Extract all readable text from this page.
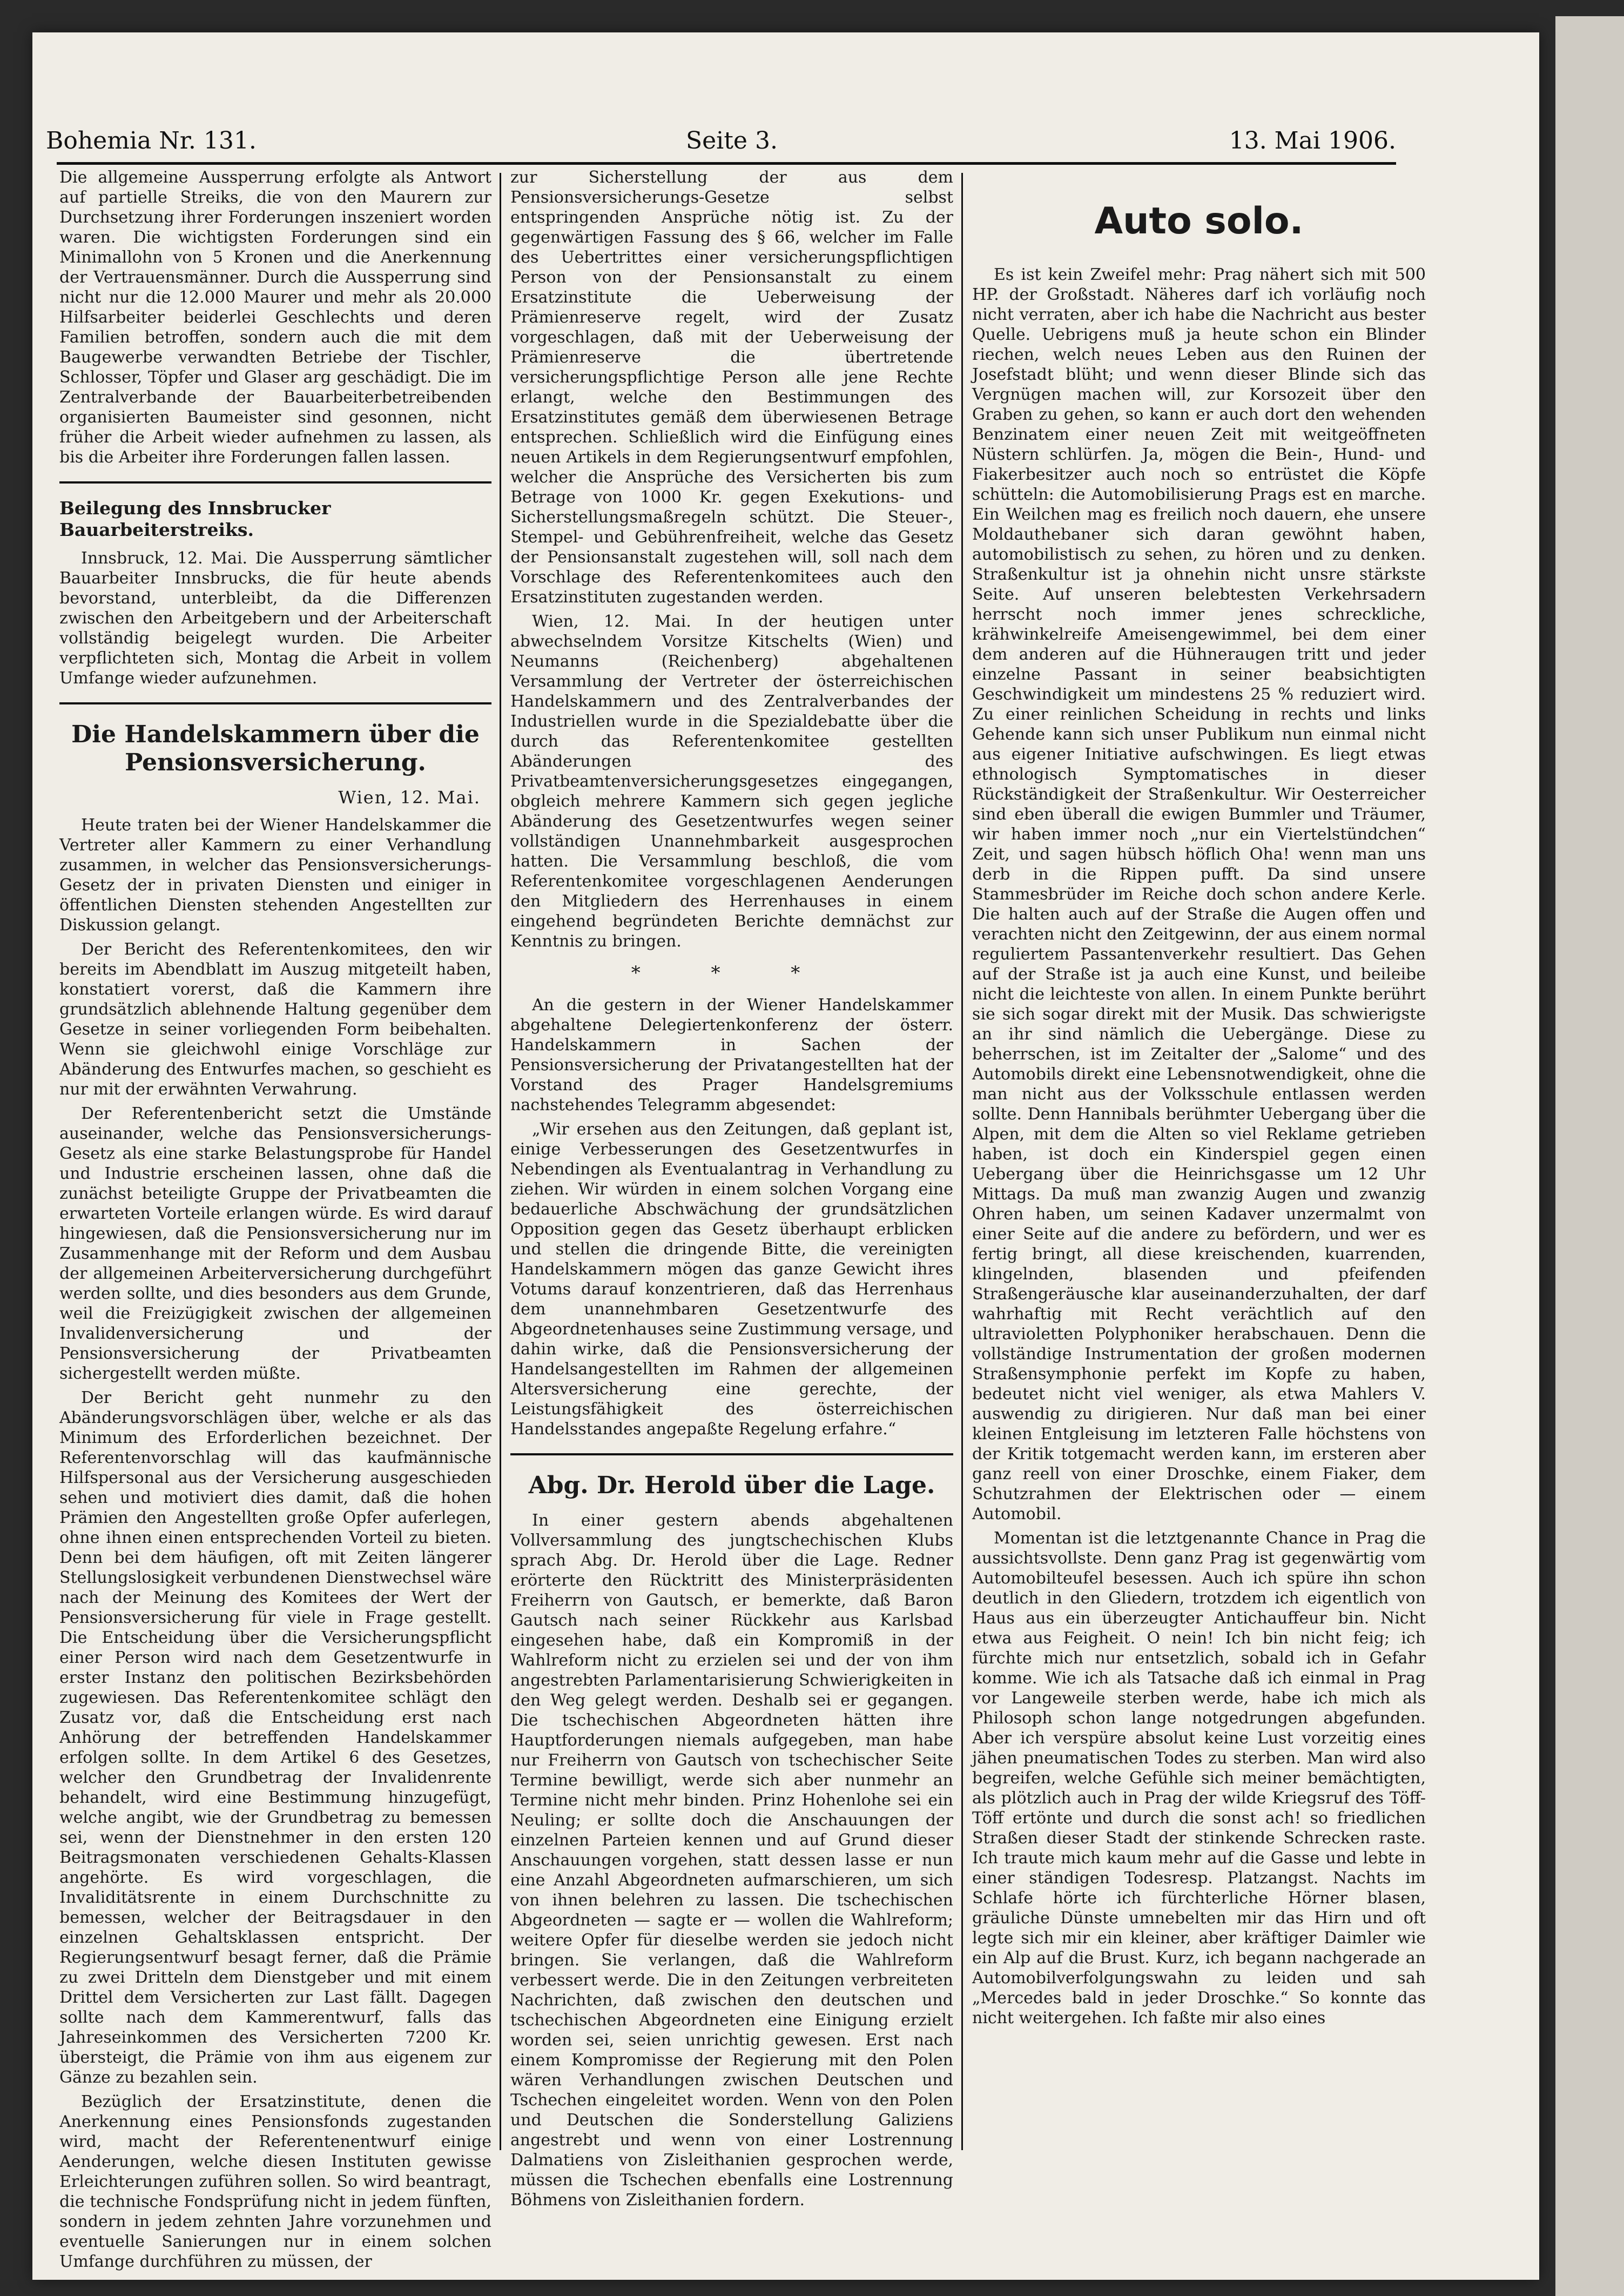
Bohemia Nr. 131.	Seite 3.	13. Mai 1906.

Die allgemeine Aussperrung erfolgte als Antwort auf partielle Streiks, die von den Maurern zur Durchsetzung ihrer Forderungen inszeniert worden waren. Die wichtigsten Forderungen sind ein Minimallohn von 5 Kronen und die Anerkennung der Vertrauensmänner. Durch die Aussperrung sind nicht nur die 12.000 Maurer und mehr als 20.000 Hilfsarbeiter beiderlei Geschlechts und deren Familien betroffen, sondern auch die mit dem Baugewerbe verwandten Betriebe der Tischler, Schlosser, Töpfer und Glaser arg geschädigt. Die im Zentralverbande der Bauarbeiterbetreibenden organisierten Baumeister sind gesonnen, nicht früher die Arbeit wieder aufnehmen zu lassen, als bis die Arbeiter ihre Forderungen fallen lassen.

Beilegung des Innsbrucker Bauarbeiterstreiks.

Innsbruck, 12. Mai. Die Aussperrung sämtlicher Bauarbeiter Innsbrucks, die für heute abends bevorstand, unterbleibt, da die Differenzen zwischen den Arbeitgebern und der Arbeiterschaft vollständig beigelegt wurden. Die Arbeiter verpflichteten sich, Montag die Arbeit in vollem Umfange wieder aufzunehmen.

Die Handelskammern über die Pensionsversicherung.
Wien, 12. Mai.

Heute traten bei der Wiener Handelskammer die Vertreter aller Kammern zu einer Verhandlung zusammen, in welcher das Pensionsversicherungs-Gesetz der in privaten Diensten und einiger in öffentlichen Diensten stehenden Angestellten zur Diskussion gelangt.

Der Bericht des Referentenkomitees, den wir bereits im Abendblatt im Auszug mitgeteilt haben, konstatiert vorerst, daß die Kammern ihre grundsätzlich ablehnende Haltung gegenüber dem Gesetze in seiner vorliegenden Form beibehalten. Wenn sie gleichwohl einige Vorschläge zur Abänderung des Entwurfes machen, so geschieht es nur mit der erwähnten Verwahrung.

Der Referentenbericht setzt die Umstände auseinander, welche das Pensionsversicherungs-Gesetz als eine starke Belastungsprobe für Handel und Industrie erscheinen lassen, ohne daß die zunächst beteiligte Gruppe der Privatbeamten die erwarteten Vorteile erlangen würde. Es wird darauf hingewiesen, daß die Pensionsversicherung nur im Zusammenhange mit der Reform und dem Ausbau der allgemeinen Arbeiterversicherung durchgeführt werden sollte, und dies besonders aus dem Grunde, weil die Freizügigkeit zwischen der allgemeinen Invalidenversicherung und der Pensionsversicherung der Privatbeamten sichergestellt werden müßte.

Der Bericht geht nunmehr zu den Abänderungsvorschlägen über, welche er als das Minimum des Erforderlichen bezeichnet. Der Referentenvorschlag will das kaufmännische Hilfspersonal aus der Versicherung ausgeschieden sehen und motiviert dies damit, daß die hohen Prämien den Angestellten große Opfer auferlegen, ohne ihnen einen entsprechenden Vorteil zu bieten. Denn bei dem häufigen, oft mit Zeiten längerer Stellungslosigkeit verbundenen Dienstwechsel wäre nach der Meinung des Komitees der Wert der Pensionsversicherung für viele in Frage gestellt. Die Entscheidung über die Versicherungspflicht einer Person wird nach dem Gesetzentwurfe in erster Instanz den politischen Bezirksbehörden zugewiesen. Das Referentenkomitee schlägt den Zusatz vor, daß die Entscheidung erst nach Anhörung der betreffenden Handelskammer erfolgen sollte. In dem Artikel 6 des Gesetzes, welcher den Grundbetrag der Invalidenrente behandelt, wird eine Bestimmung hinzugefügt, welche angibt, wie der Grundbetrag zu bemessen sei, wenn der Dienstnehmer in den ersten 120 Beitragsmonaten verschiedenen Gehalts-Klassen angehörte. Es wird vorgeschlagen, die Invaliditätsrente in einem Durchschnitte zu bemessen, welcher der Beitragsdauer in den einzelnen Gehaltsklassen entspricht. Der Regierungsentwurf besagt ferner, daß die Prämie zu zwei Dritteln dem Dienstgeber und mit einem Drittel dem Versicherten zur Last fällt. Dagegen sollte nach dem Kammerentwurf, falls das Jahreseinkommen des Versicherten 7200 Kr. übersteigt, die Prämie von ihm aus eigenem zur Gänze zu bezahlen sein.

Bezüglich der Ersatzinstitute, denen die Anerkennung eines Pensionsfonds zugestanden wird, macht der Referentenentwurf einige Aenderungen, welche diesen Instituten gewisse Erleichterungen zuführen sollen. So wird beantragt, die technische Fondsprüfung nicht in jedem fünften, sondern in jedem zehnten Jahre vorzunehmen und eventuelle Sanierungen nur in einem solchen Umfange durchführen zu müssen, der

zur Sicherstellung der aus dem Pensionsversicherungs-Gesetze selbst entspringenden Ansprüche nötig ist. Zu der gegenwärtigen Fassung des § 66, welcher im Falle des Uebertrittes einer versicherungspflichtigen Person von der Pensionsanstalt zu einem Ersatzinstitute die Ueberweisung der Prämienreserve regelt, wird der Zusatz vorgeschlagen, daß mit der Ueberweisung der Prämienreserve die übertretende versicherungspflichtige Person alle jene Rechte erlangt, welche den Bestimmungen des Ersatzinstitutes gemäß dem überwiesenen Betrage entsprechen. Schließlich wird die Einfügung eines neuen Artikels in dem Regierungsentwurf empfohlen, welcher die Ansprüche des Versicherten bis zum Betrage von 1000 Kr. gegen Exekutions- und Sicherstellungsmaßregeln schützt. Die Steuer-, Stempel- und Gebührenfreiheit, welche das Gesetz der Pensionsanstalt zugestehen will, soll nach dem Vorschlage des Referentenkomitees auch den Ersatzinstituten zugestanden werden.

Wien, 12. Mai. In der heutigen unter abwechselndem Vorsitze Kitschelts (Wien) und Neumanns (Reichenberg) abgehaltenen Versammlung der Vertreter der österreichischen Handelskammern und des Zentralverbandes der Industriellen wurde in die Spezialdebatte über die durch das Referentenkomitee gestellten Abänderungen des Privatbeamtenversicherungsgesetzes eingegangen, obgleich mehrere Kammern sich gegen jegliche Abänderung des Gesetzentwurfes wegen seiner vollständigen Unannehmbarkeit ausgesprochen hatten. Die Versammlung beschloß, die vom Referentenkomitee vorgeschlagenen Aenderungen den Mitgliedern des Herrenhauses in einem eingehend begründeten Berichte demnächst zur Kenntnis zu bringen.

* * *

An die gestern in der Wiener Handelskammer abgehaltene Delegiertenkonferenz der österr. Handelskammern in Sachen der Pensionsversicherung der Privatangestellten hat der Vorstand des Prager Handelsgremiums nachstehendes Telegramm abgesendet:

„Wir ersehen aus den Zeitungen, daß geplant ist, einige Verbesserungen des Gesetzentwurfes in Nebendingen als Eventualantrag in Verhandlung zu ziehen. Wir würden in einem solchen Vorgang eine bedauerliche Abschwächung der grundsätzlichen Opposition gegen das Gesetz überhaupt erblicken und stellen die dringende Bitte, die vereinigten Handelskammern mögen das ganze Gewicht ihres Votums darauf konzentrieren, daß das Herrenhaus dem unannehmbaren Gesetzentwurfe des Abgeordnetenhauses seine Zustimmung versage, und dahin wirke, daß die Pensionsversicherung der Handelsangestellten im Rahmen der allgemeinen Altersversicherung eine gerechte, der Leistungsfähigkeit des österreichischen Handelsstandes angepaßte Regelung erfahre.“

Abg. Dr. Herold über die Lage.

In einer gestern abends abgehaltenen Vollversammlung des jungtschechischen Klubs sprach Abg. Dr. Herold über die Lage. Redner erörterte den Rücktritt des Ministerpräsidenten Freiherrn von Gautsch, er bemerkte, daß Baron Gautsch nach seiner Rückkehr aus Karlsbad eingesehen habe, daß ein Kompromiß in der Wahlreform nicht zu erzielen sei und der von ihm angestrebten Parlamentarisierung Schwierigkeiten in den Weg gelegt werden. Deshalb sei er gegangen. Die tschechischen Abgeordneten hätten ihre Hauptforderungen niemals aufgegeben, man habe nur Freiherrn von Gautsch von tschechischer Seite Termine bewilligt, werde sich aber nunmehr an Termine nicht mehr binden. Prinz Hohenlohe sei ein Neuling; er sollte doch die Anschauungen der einzelnen Parteien kennen und auf Grund dieser Anschauungen vorgehen, statt dessen lasse er nun eine Anzahl Abgeordneten aufmarschieren, um sich von ihnen belehren zu lassen. Die tschechischen Abgeordneten — sagte er — wollen die Wahlreform; weitere Opfer für dieselbe werden sie jedoch nicht bringen. Sie verlangen, daß die Wahlreform verbessert werde. Die in den Zeitungen verbreiteten Nachrichten, daß zwischen den deutschen und tschechischen Abgeordneten eine Einigung erzielt worden sei, seien unrichtig gewesen. Erst nach einem Kompromisse der Regierung mit den Polen wären Verhandlungen zwischen Deutschen und Tschechen eingeleitet worden. Wenn von den Polen und Deutschen die Sonderstellung Galiziens angestrebt und wenn von einer Lostrennung Dalmatiens von Zisleithanien gesprochen werde, müssen die Tschechen ebenfalls eine Lostrennung Böhmens von Zisleithanien fordern.

Auto solo.

Es ist kein Zweifel mehr: Prag nähert sich mit 500 HP. der Großstadt. Näheres darf ich vorläufig noch nicht verraten, aber ich habe die Nachricht aus bester Quelle. Uebrigens muß ja heute schon ein Blinder riechen, welch neues Leben aus den Ruinen der Josefstadt blüht; und wenn dieser Blinde sich das Vergnügen machen will, zur Korsozeit über den Graben zu gehen, so kann er auch dort den wehenden Benzinatem einer neuen Zeit mit weitgeöffneten Nüstern schlürfen. Ja, mögen die Bein-, Hund- und Fiakerbesitzer auch noch so entrüstet die Köpfe schütteln: die Automobilisierung Prags est en marche. Ein Weilchen mag es freilich noch dauern, ehe unsere Moldauthebaner sich daran gewöhnt haben, automobilistisch zu sehen, zu hören und zu denken. Straßenkultur ist ja ohnehin nicht unsre stärkste Seite. Auf unseren belebtesten Verkehrsadern herrscht noch immer jenes schreckliche, krähwinkelreife Ameisengewimmel, bei dem einer dem anderen auf die Hühneraugen tritt und jeder einzelne Passant in seiner beabsichtigten Geschwindigkeit um mindestens 25 % reduziert wird. Zu einer reinlichen Scheidung in rechts und links Gehende kann sich unser Publikum nun einmal nicht aus eigener Initiative aufschwingen. Es liegt etwas ethnologisch Symptomatisches in dieser Rückständigkeit der Straßenkultur. Wir Oesterreicher sind eben überall die ewigen Bummler und Träumer, wir haben immer noch „nur ein Viertelstündchen“ Zeit, und sagen hübsch höflich Oha! wenn man uns derb in die Rippen pufft. Da sind unsere Stammesbrüder im Reiche doch schon andere Kerle. Die halten auch auf der Straße die Augen offen und verachten nicht den Zeitgewinn, der aus einem normal reguliertem Passantenverkehr resultiert. Das Gehen auf der Straße ist ja auch eine Kunst, und beileibe nicht die leichteste von allen. In einem Punkte berührt sie sich sogar direkt mit der Musik. Das schwierigste an ihr sind nämlich die Uebergänge. Diese zu beherrschen, ist im Zeitalter der „Salome“ und des Automobils direkt eine Lebensnotwendigkeit, ohne die man nicht aus der Volksschule entlassen werden sollte. Denn Hannibals berühmter Uebergang über die Alpen, mit dem die Alten so viel Reklame getrieben haben, ist doch ein Kinderspiel gegen einen Uebergang über die Heinrichsgasse um 12 Uhr Mittags. Da muß man zwanzig Augen und zwanzig Ohren haben, um seinen Kadaver unzermalmt von einer Seite auf die andere zu befördern, und wer es fertig bringt, all diese kreischenden, kuarrenden, klingelnden, blasenden und pfeifenden Straßengeräusche klar auseinanderzuhalten, der darf wahrhaftig mit Recht verächtlich auf den ultravioletten Polyphoniker herabschauen. Denn die vollständige Instrumentation der großen modernen Straßensymphonie perfekt im Kopfe zu haben, bedeutet nicht viel weniger, als etwa Mahlers V. auswendig zu dirigieren. Nur daß man bei einer kleinen Entgleisung im letzteren Falle höchstens von der Kritik totgemacht werden kann, im ersteren aber ganz reell von einer Droschke, einem Fiaker, dem Schutzrahmen der Elektrischen oder — einem Automobil.

Momentan ist die letztgenannte Chance in Prag die aussichtsvollste. Denn ganz Prag ist gegenwärtig vom Automobilteufel besessen. Auch ich spüre ihn schon deutlich in den Gliedern, trotzdem ich eigentlich von Haus aus ein überzeugter Antichauffeur bin. Nicht etwa aus Feigheit. O nein! Ich bin nicht feig; ich fürchte mich nur entsetzlich, sobald ich in Gefahr komme. Wie ich als Tatsache daß ich einmal in Prag vor Langeweile sterben werde, habe ich mich als Philosoph schon lange notgedrungen abgefunden. Aber ich verspüre absolut keine Lust vorzeitig eines jähen pneumatischen Todes zu sterben. Man wird also begreifen, welche Gefühle sich meiner bemächtigten, als plötzlich auch in Prag der wilde Kriegsruf des Töff-Töff ertönte und durch die sonst ach! so friedlichen Straßen dieser Stadt der stinkende Schrecken raste. Ich traute mich kaum mehr auf die Gasse und lebte in einer ständigen Todesresp. Platzangst. Nachts im Schlafe hörte ich fürchterliche Hörner blasen, gräuliche Dünste umnebelten mir das Hirn und oft legte sich mir ein kleiner, aber kräftiger Daimler wie ein Alp auf die Brust. Kurz, ich begann nachgerade an Automobilverfolgungswahn zu leiden und sah „Mercedes bald in jeder Droschke.“ So konnte das nicht weitergehen. Ich faßte mir also eines
